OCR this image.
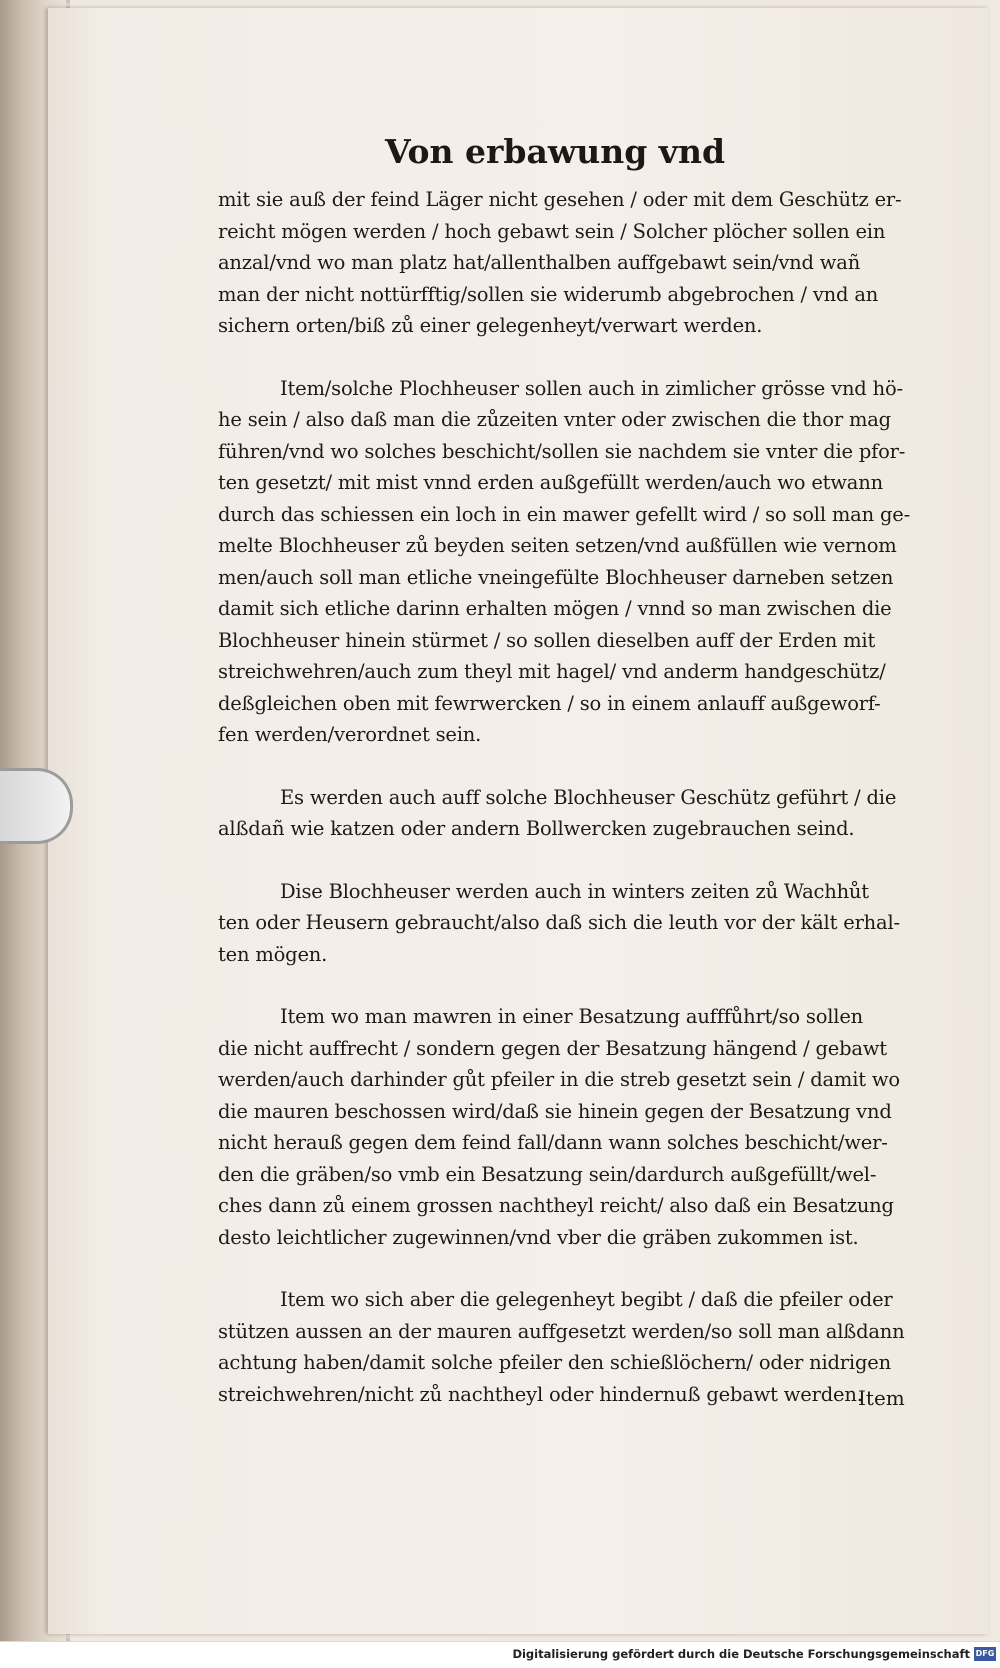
Von erbawung vnd
mit sie auß der feind Läger nicht gesehen / oder mit dem Geschütz er-
reicht mögen werden / hoch gebawt sein / Solcher plöcher sollen ein
anzal/vnd wo man platz hat/allenthalben auffgebawt sein/vnd wañ
man der nicht nottürfftig/sollen sie widerumb abgebrochen / vnd an
sichern orten/biß zů einer gelegenheyt/verwart werden.
Item/solche Plochheuser sollen auch in zimlicher grösse vnd hö-
he sein / also daß man die zůzeiten vnter oder zwischen die thor mag
führen/vnd wo solches beschicht/sollen sie nachdem sie vnter die pfor-
ten gesetzt/ mit mist vnnd erden außgefüllt werden/auch wo etwann
durch das schiessen ein loch in ein mawer gefellt wird / so soll man ge-
melte Blochheuser zů beyden seiten setzen/vnd außfüllen wie vernom
men/auch soll man etliche vneingefülte Blochheuser darneben setzen
damit sich etliche darinn erhalten mögen / vnnd so man zwischen die
Blochheuser hinein stürmet / so sollen dieselben auff der Erden mit
streichwehren/auch zum theyl mit hagel/ vnd anderm handgeschütz/
deßgleichen oben mit fewrwercken / so in einem anlauff außgeworf-
fen werden/verordnet sein.
Es werden auch auff solche Blochheuser Geschütz geführt / die
alßdañ wie katzen oder andern Bollwercken zugebrauchen seind.
Dise Blochheuser werden auch in winters zeiten zů Wachhůt
ten oder Heusern gebraucht/also daß sich die leuth vor der kält erhal-
ten mögen.
Item wo man mawren in einer Besatzung aufffůhrt/so sollen
die nicht auffrecht / sondern gegen der Besatzung hängend / gebawt
werden/auch darhinder gůt pfeiler in die streb gesetzt sein / damit wo
die mauren beschossen wird/daß sie hinein gegen der Besatzung vnd
nicht herauß gegen dem feind fall/dann wann solches beschicht/wer-
den die gräben/so vmb ein Besatzung sein/dardurch außgefüllt/wel-
ches dann zů einem grossen nachtheyl reicht/ also daß ein Besatzung
desto leichtlicher zugewinnen/vnd vber die gräben zukommen ist.
Item wo sich aber die gelegenheyt begibt / daß die pfeiler oder
stützen aussen an der mauren auffgesetzt werden/so soll man alßdann
achtung haben/damit solche pfeiler den schießlöchern/ oder nidrigen
streichwehren/nicht zů nachtheyl oder hindernuß gebawt werden.
Item
Digitalisierung gefördert durch die Deutsche Forschungsgemeinschaft DFG
